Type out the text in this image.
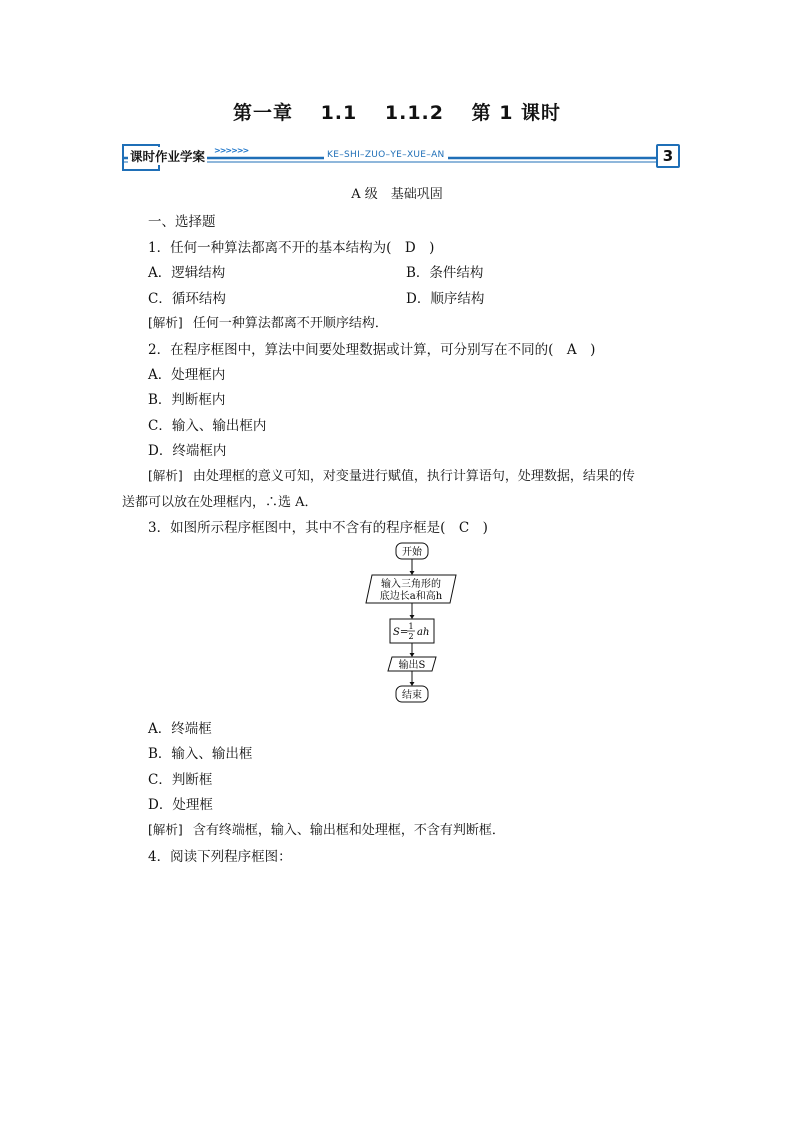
第一章 1.1 1.1.2 第 1 课时
课时作业学案 >>>>>>	KE–SHI–ZUO–YE–XUE–AN	3
A 级　基础巩固
一、选择题
1．任何一种算法都离不开的基本结构为(　D　)
A．逻辑结构	B．条件结构
C．循环结构	D．顺序结构
[解析] 任何一种算法都离不开顺序结构．
2．在程序框图中，算法中间要处理数据或计算，可分别写在不同的(　A　)
A．处理框内
B．判断框内
C．输入、输出框内
D．终端框内
[解析] 由处理框的意义可知，对变量进行赋值，执行计算语句，处理数据，结果的传
送都可以放在处理框内，∴选 A．
3．如图所示程序框图中，其中不含有的程序框是(　C　)
开始
输入三角形的
底边长a和高h
S=
1
2 ah
输出S
结束
A．终端框
B．输入、输出框
C．判断框
D．处理框
[解析] 含有终端框，输入、输出框和处理框，不含有判断框．
4．阅读下列程序框图：
